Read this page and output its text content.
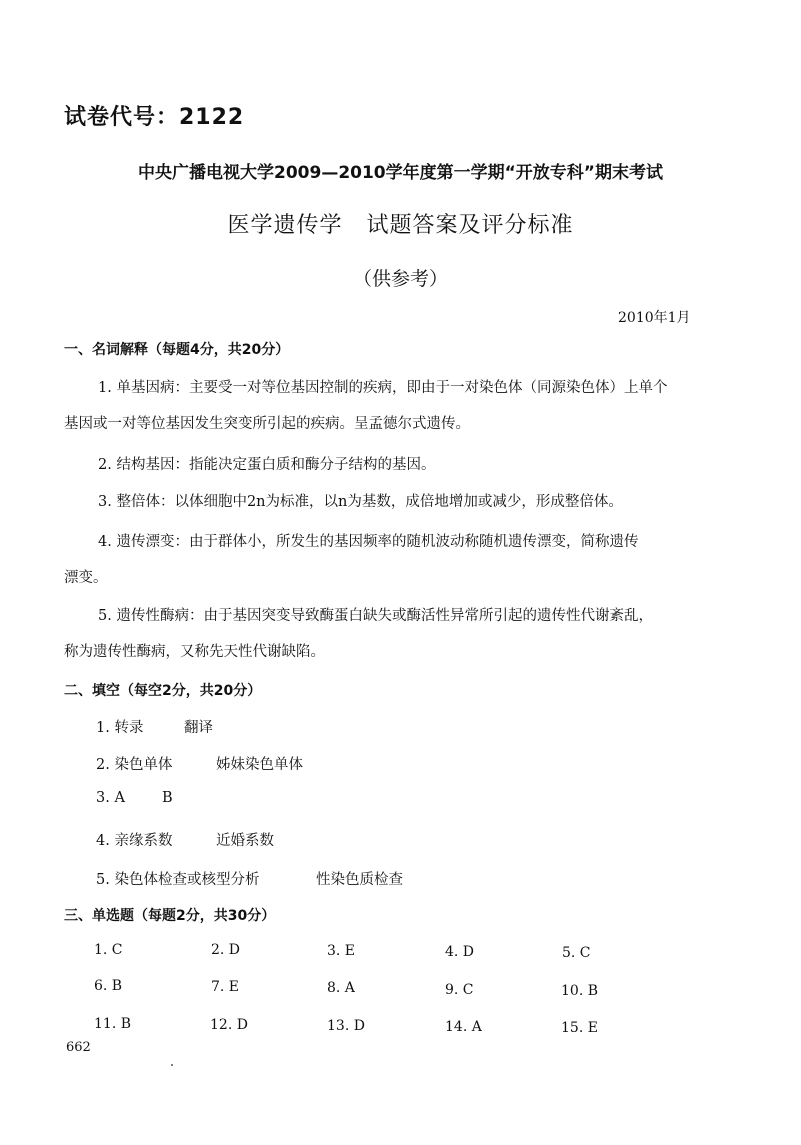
试卷代号：2122
中央广播电视大学2009—2010学年度第一学期“开放专科”期末考试
医学遗传学 试题答案及评分标准
（供参考）
2010年1月
一、名词解释（每题4分，共20分）
1. 单基因病：主要受一对等位基因控制的疾病，即由于一对染色体（同源染色体）上单个
基因或一对等位基因发生突变所引起的疾病。呈孟德尔式遗传。
2. 结构基因：指能决定蛋白质和酶分子结构的基因。
3. 整倍体：以体细胞中2n为标准，以n为基数，成倍地增加或减少，形成整倍体。
4. 遗传漂变：由于群体小，所发生的基因频率的随机波动称随机遗传漂变，简称遗传
漂变。
5. 遗传性酶病：由于基因突变导致酶蛋白缺失或酶活性异常所引起的遗传性代谢紊乱，
称为遗传性酶病，又称先天性代谢缺陷。
二、填空（每空2分，共20分）
1. 转录	翻译
2. 染色单体	姊妹染色单体
3. A	B
4. 亲缘系数	近婚系数
5. 染色体检查或核型分析	性染色质检查
三、单选题（每题2分，共30分）
1. C	2. D	3. E	4. D	5. C
6. B	7. E	8. A	9. C	10. B
11. B	12. D	13. D	14. A	15. E
662
